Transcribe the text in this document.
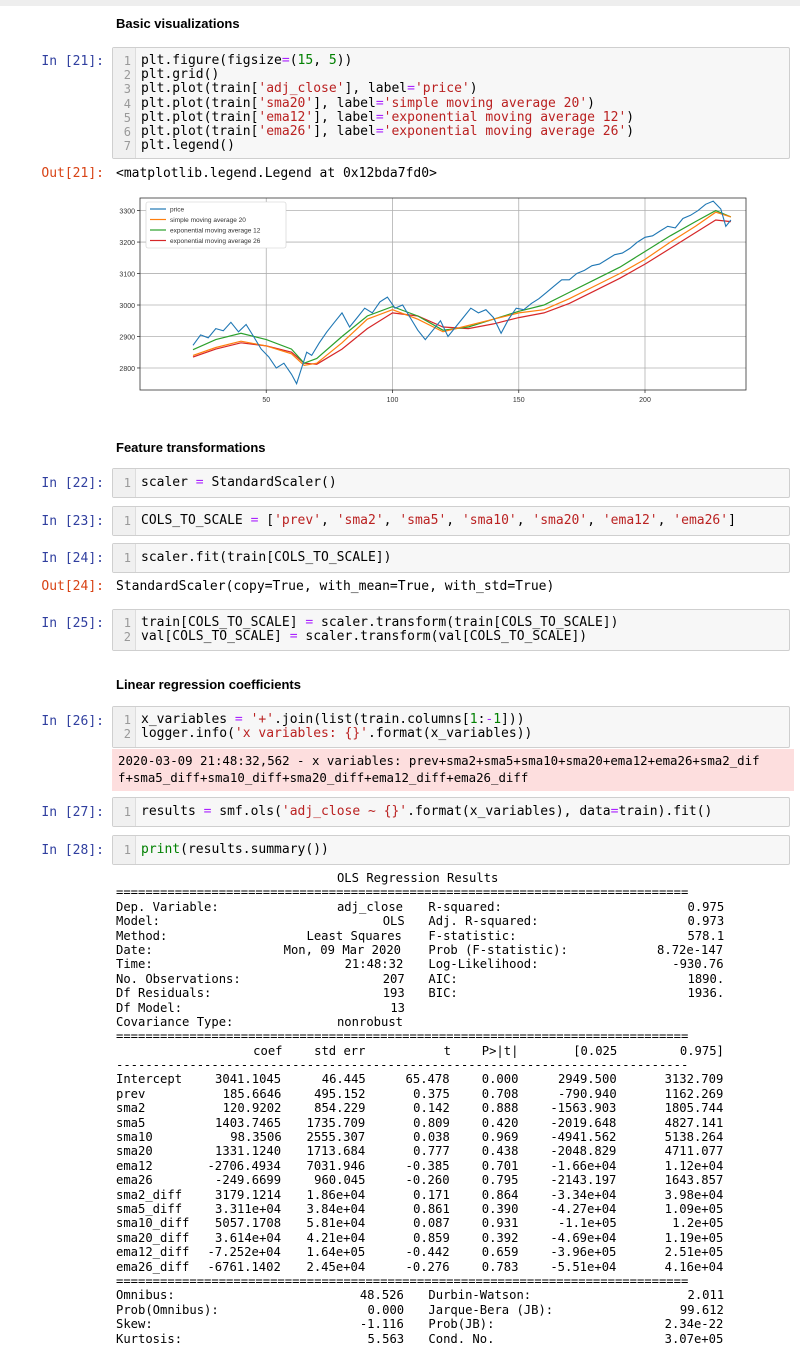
Basic visualizations
In [21]:	1 plt.figure(figsize=(15, 5))
2 plt.grid()
3 plt.plot(train['adj_close'], label='price')
4 plt.plot(train['sma20'], label='simple moving average 20')
5 plt.plot(train['ema12'], label='exponential moving average 12')
6 plt.plot(train['ema26'], label='exponential moving average 26')
7 plt.legend()
Out[21]: <matplotlib.legend.Legend at 0x12bda7fd0>
2800
2900
3000
3100
3200
3300
50	100	150	200
price
simple moving average 20
exponential moving average 12
exponential moving average 26
Feature transformations
In [22]:	1 scaler = StandardScaler()
In [23]:	1 COLS_TO_SCALE = ['prev', 'sma2', 'sma5', 'sma10', 'sma20', 'ema12', 'ema26']
In [24]:	1 scaler.fit(train[COLS_TO_SCALE])
Out[24]: StandardScaler(copy=True, with_mean=True, with_std=True)
In [25]:	1 train[COLS_TO_SCALE] = scaler.transform(train[COLS_TO_SCALE])
2 val[COLS_TO_SCALE] = scaler.transform(val[COLS_TO_SCALE])
Linear regression coefficients
In [26]:	1 x_variables = '+'.join(list(train.columns[1:-1]))
2 logger.info('x variables: {}'.format(x_variables))
2020-03-09 21:48:32,562 - x variables: prev+sma2+sma5+sma10+sma20+ema12+ema26+sma2_dif
f+sma5_diff+sma10_diff+sma20_diff+ema12_diff+ema26_diff
In [27]:	1 results = smf.ols('adj_close ~ {}'.format(x_variables), data=train).fit()
In [28]:	1 print(results.summary())
OLS Regression Results
==============================================================================
Dep. Variable:	adj_close R-squared:	0.975
Model:	OLS Adj. R-squared:	0.973
Method:	Least Squares F-statistic:	578.1
Date:	Mon, 09 Mar 2020 Prob (F-statistic):	8.72e-147
Time:	21:48:32 Log-Likelihood:	-930.76
No. Observations:	207 AIC:	1890.
Df Residuals:	193 BIC:	1936.
Df Model:	13
Covariance Type:	nonrobust
==============================================================================
coef	std err	t	P>|t|	[0.025	0.975]
------------------------------------------------------------------------------
Intercept	3041.1045	46.445	65.478	0.000	2949.500	3132.709
prev	185.6646	495.152	0.375	0.708	-790.940	1162.269
sma2	120.9202	854.229	0.142	0.888	-1563.903	1805.744
sma5	1403.7465 1735.709	0.809	0.420	-2019.648	4827.141
sma10	98.3506 2555.307	0.038	0.969	-4941.562	5138.264
sma20	1331.1240 1713.684	0.777	0.438	-2048.829	4711.077
ema12	-2706.4934 7031.946	-0.385	0.701	-1.66e+04	1.12e+04
ema26	-249.6699	960.045	-0.260	0.795	-2143.197	1643.857
sma2_diff	3179.1214 1.86e+04	0.171	0.864	-3.34e+04	3.98e+04
sma5_diff	3.311e+04 3.84e+04	0.861	0.390	-4.27e+04	1.09e+05
sma10_diff 5057.1708 5.81e+04	0.087	0.931	-1.1e+05	1.2e+05
sma20_diff 3.614e+04 4.21e+04	0.859	0.392	-4.69e+04	1.19e+05
ema12_diff -7.252e+04 1.64e+05	-0.442	0.659	-3.96e+05	2.51e+05
ema26_diff -6761.1402 2.45e+04	-0.276	0.783	-5.51e+04	4.16e+04
==============================================================================
Omnibus:	48.526 Durbin-Watson:	2.011
Prob(Omnibus):	0.000 Jarque-Bera (JB):	99.612
Skew:	-1.116 Prob(JB):	2.34e-22
Kurtosis:	5.563 Cond. No.	3.07e+05
